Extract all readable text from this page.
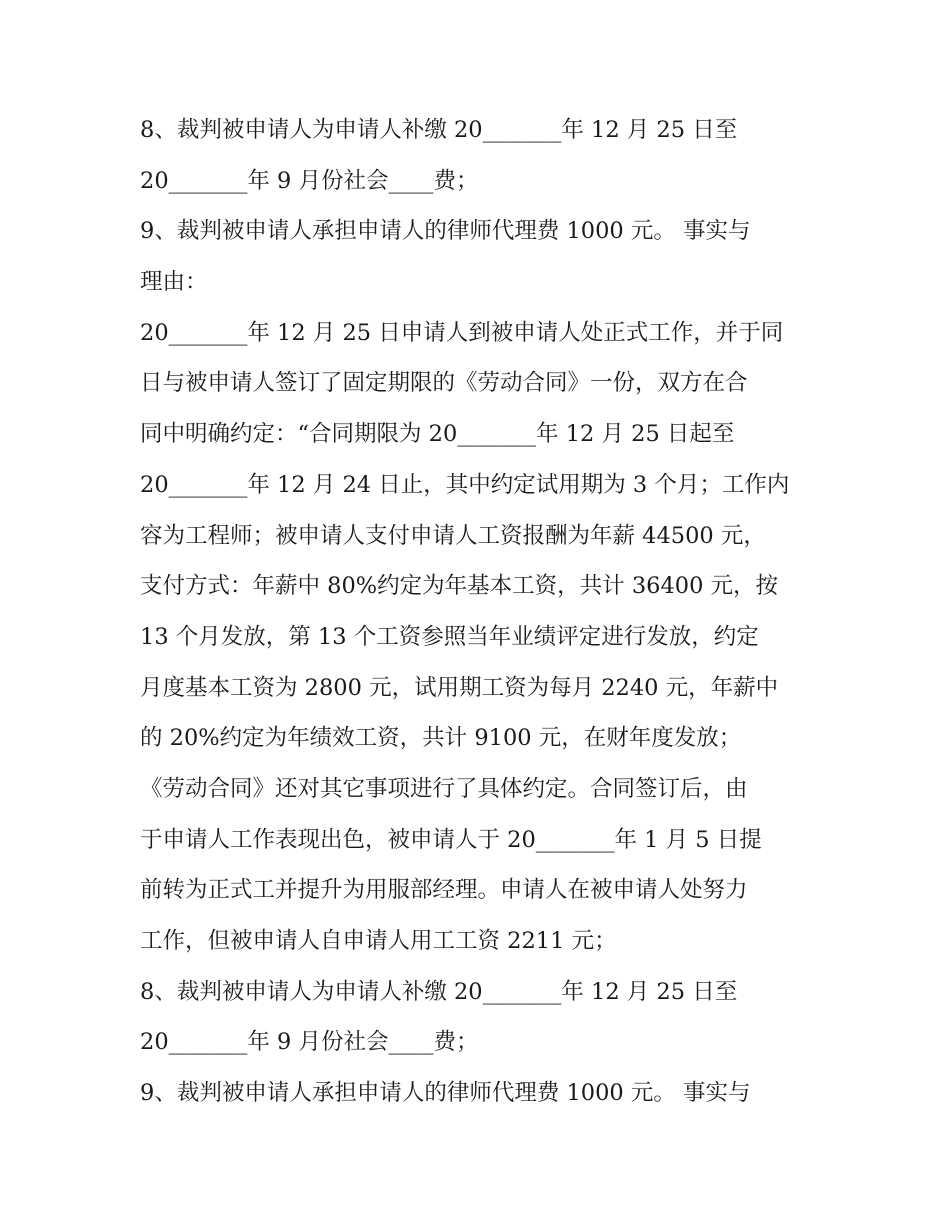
8、裁判被申请人为申请人补缴 20_______年 12 月 25 日至
20_______年 9 月份社会____费；
9、裁判被申请人承担申请人的律师代理费 1000 元。 事实与
理由：
20_______年 12 月 25 日申请人到被申请人处正式工作，并于同
日与被申请人签订了固定期限的《劳动合同》一份，双方在合
同中明确约定：“合同期限为 20_______年 12 月 25 日起至
20_______年 12 月 24 日止，其中约定试用期为 3 个月；工作内
容为工程师；被申请人支付申请人工资报酬为年薪 44500 元，
支付方式：年薪中 80%约定为年基本工资，共计 36400 元，按
13 个月发放，第 13 个工资参照当年业绩评定进行发放，约定
月度基本工资为 2800 元，试用期工资为每月 2240 元，年薪中
的 20%约定为年绩效工资，共计 9100 元，在财年度发放；
《劳动合同》还对其它事项进行了具体约定。合同签订后，由
于申请人工作表现出色，被申请人于 20_______年 1 月 5 日提
前转为正式工并提升为用服部经理。申请人在被申请人处努力
工作，但被申请人自申请人用工工资 2211 元；
8、裁判被申请人为申请人补缴 20_______年 12 月 25 日至
20_______年 9 月份社会____费；
9、裁判被申请人承担申请人的律师代理费 1000 元。 事实与
